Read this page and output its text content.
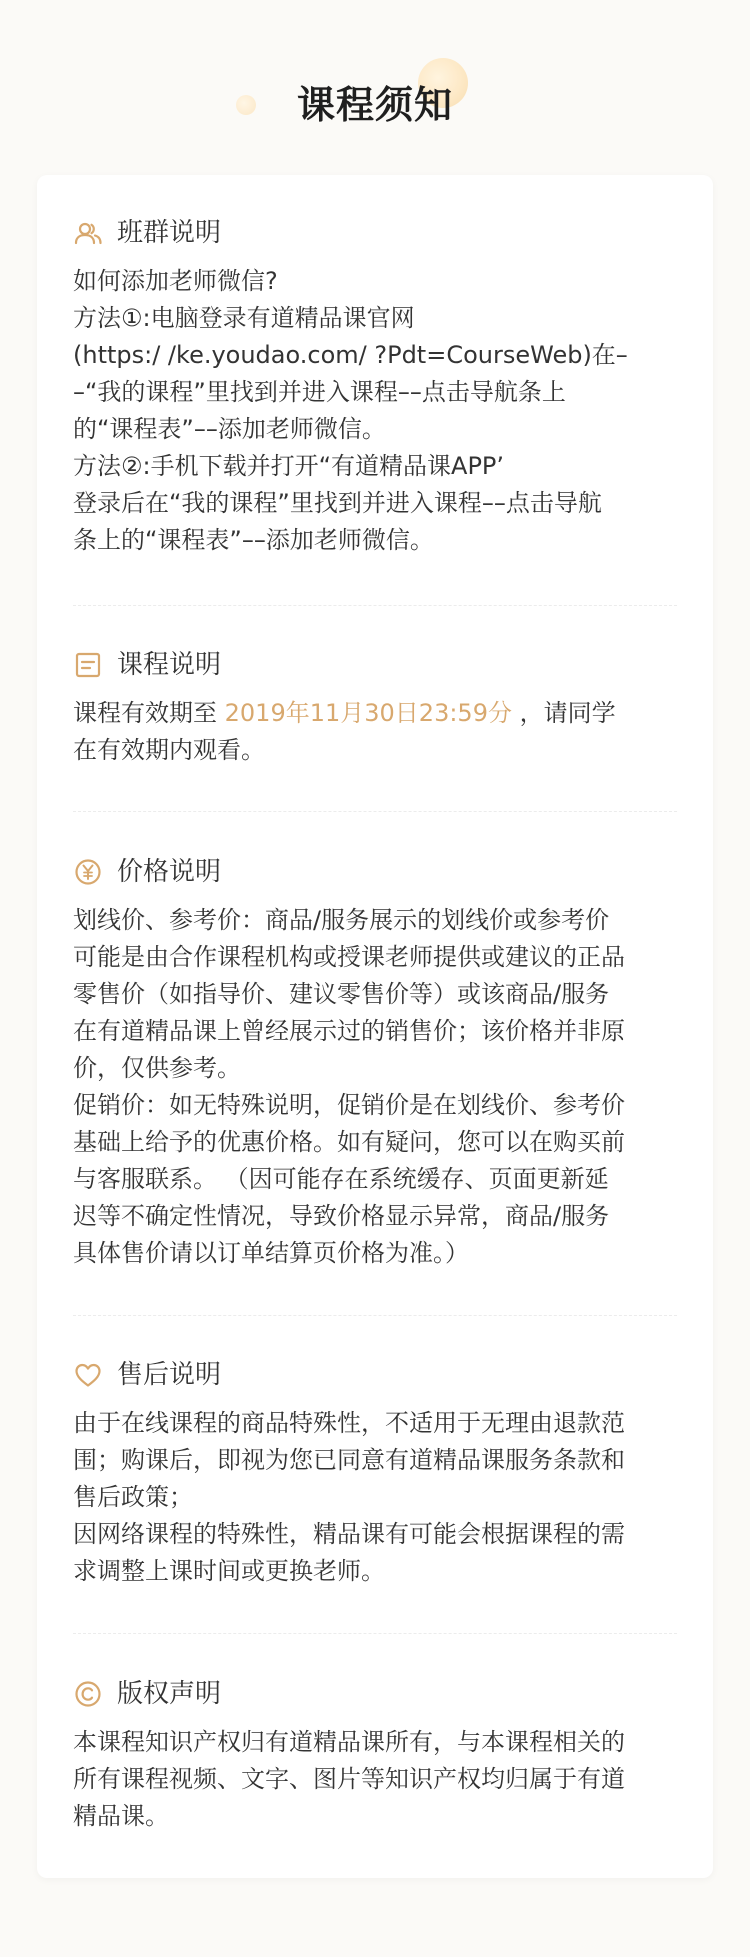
课程须知
班群说明

如何添加老师微信?

方法①:电脑登录有道精品课官网

(https:/ /ke.youdao.com/ ?Pdt=CourseWeb)在–

–“我的课程”里找到并进入课程––点击导航条上

的“课程表”––添加老师微信。

方法②:手机下载并打开“有道精品课APP’

登录后在“我的课程”里找到并进入课程––点击导航

条上的“课程表”––添加老师微信。

课程说明

课程有效期至 2019年11月30日23:59分 ，请同学

在有效期内观看。

价格说明

划线价、参考价：商品/服务展示的划线价或参考价

可能是由合作课程机构或授课老师提供或建议的正品

零售价（如指导价、建议零售价等）或该商品/服务

在有道精品课上曾经展示过的销售价；该价格并非原

价，仅供参考。

促销价：如无特殊说明，促销价是在划线价、参考价

基础上给予的优惠价格。如有疑问，您可以在购买前

与客服联系。 （因可能存在系统缓存、页面更新延

迟等不确定性情况，导致价格显示异常，商品/服务

具体售价请以订单结算页价格为准。）

售后说明

由于在线课程的商品特殊性，不适用于无理由退款范

围；购课后，即视为您已同意有道精品课服务条款和

售后政策；

因网络课程的特殊性，精品课有可能会根据课程的需

求调整上课时间或更换老师。

版权声明

本课程知识产权归有道精品课所有，与本课程相关的

所有课程视频、文字、图片等知识产权均归属于有道

精品课。
